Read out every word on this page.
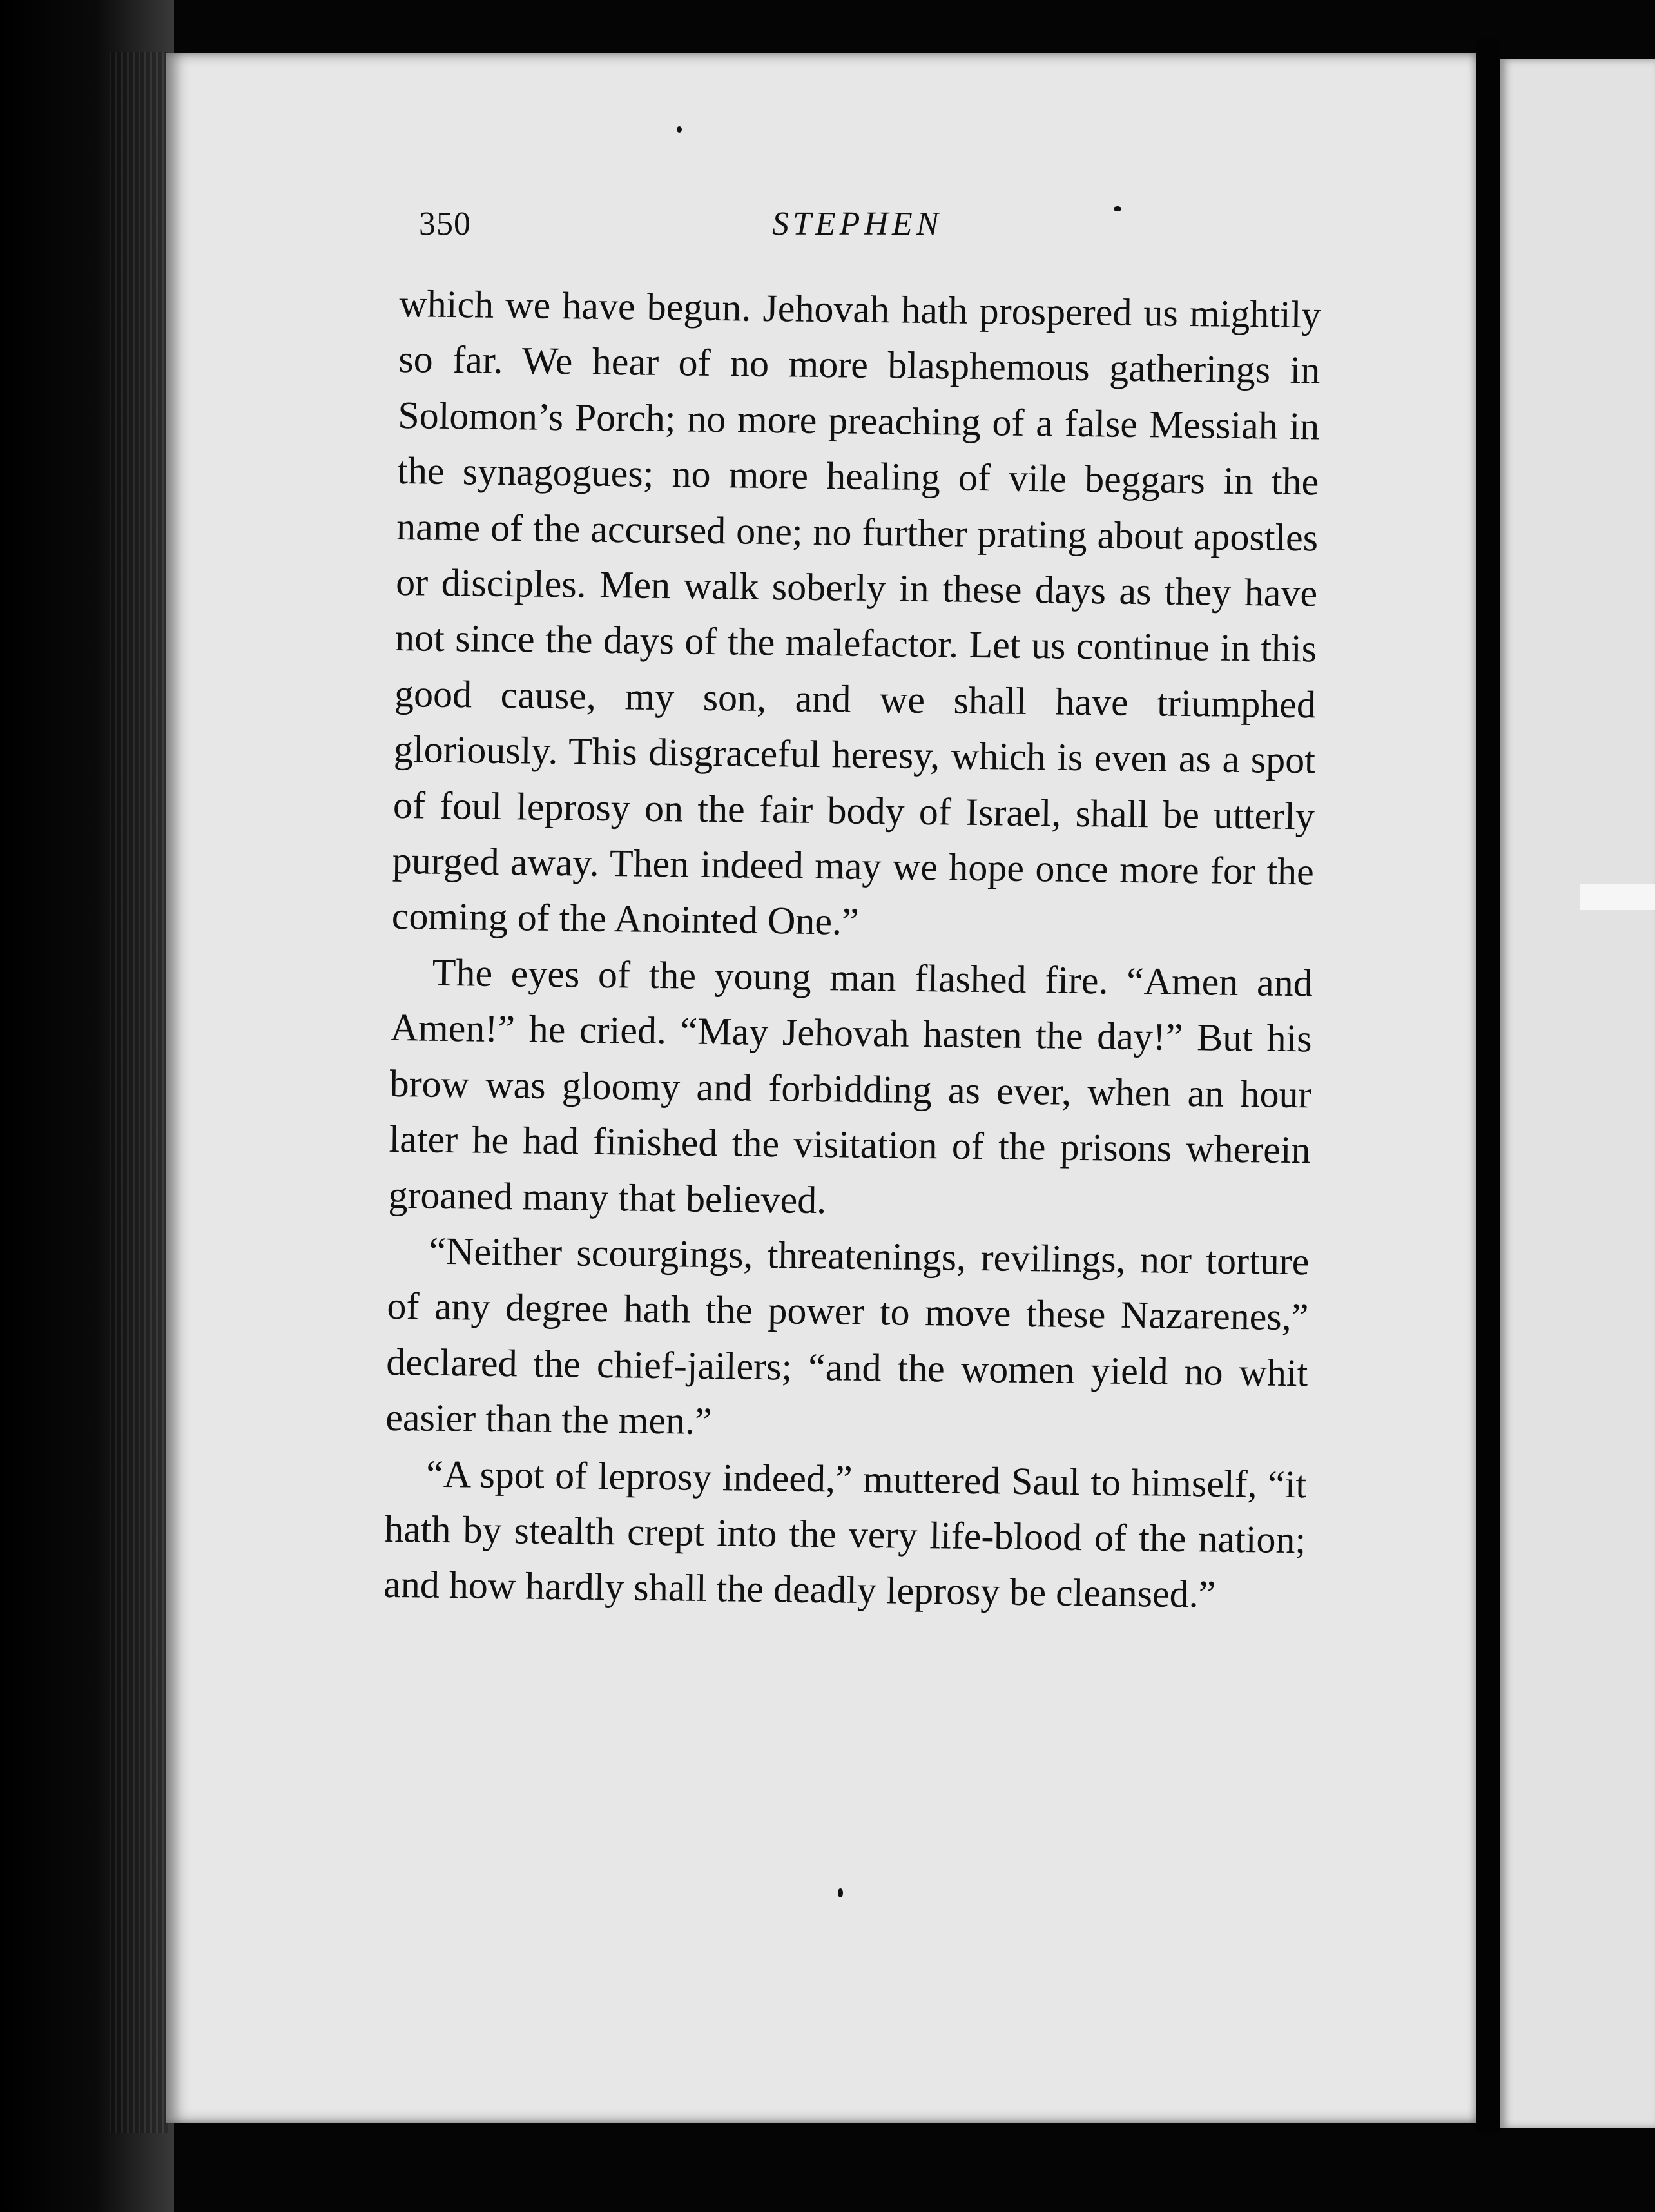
350	STEPHEN

which we have begun. Jehovah hath prospered us mightily so far. We hear of no more blasphemous gatherings in Solomon’s Porch; no more preaching of a false Messiah in the synagogues; no more healing of vile beggars in the name of the accursed one; no further prating about apostles or disciples. Men walk soberly in these days as they have not since the days of the malefactor. Let us continue in this good cause, my son, and we shall have triumphed gloriously. This disgraceful heresy, which is even as a spot of foul leprosy on the fair body of Israel, shall be utterly purged away. Then indeed may we hope once more for the coming of the Anointed One.”

The eyes of the young man flashed fire. “Amen and Amen!” he cried. “May Jehovah hasten the day!” But his brow was gloomy and forbidding as ever, when an hour later he had finished the visitation of the prisons wherein groaned many that believed.

“Neither scourgings, threatenings, revilings, nor torture of any degree hath the power to move these Nazarenes,” declared the chief-jailers; “and the women yield no whit easier than the men.”

“A spot of leprosy indeed,” muttered Saul to himself, “it hath by stealth crept into the very life-blood of the nation; and how hardly shall the deadly leprosy be cleansed.”
